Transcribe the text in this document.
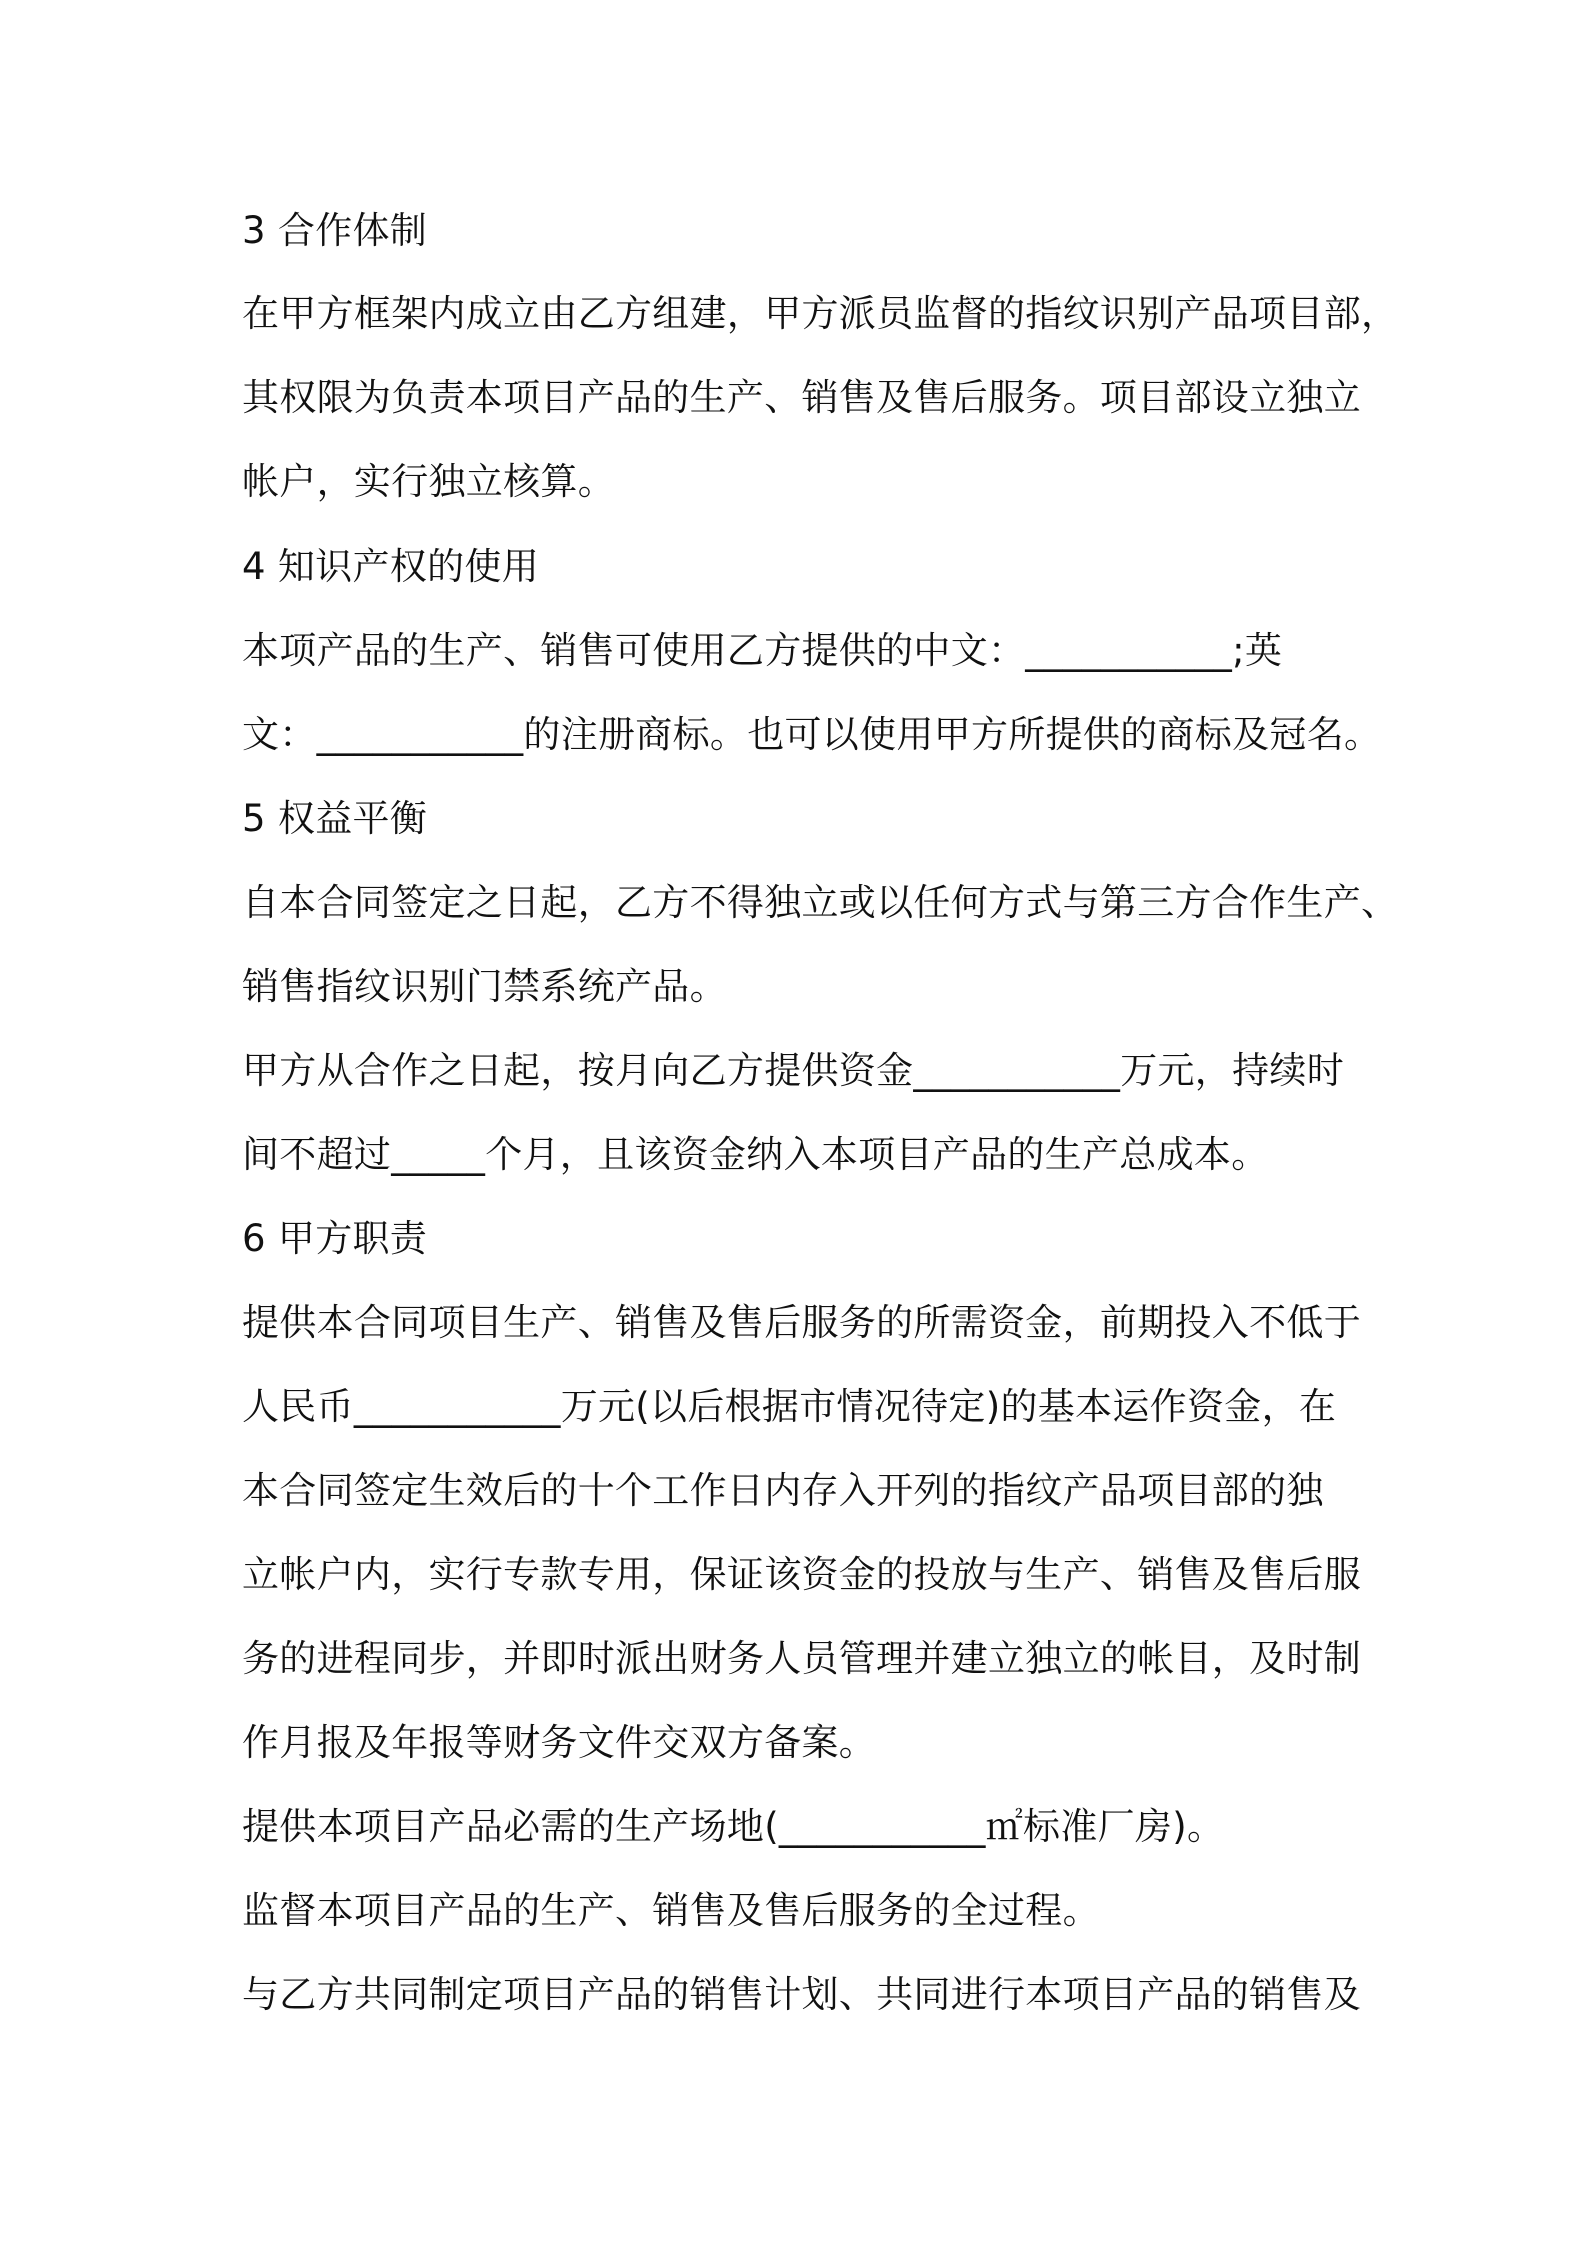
3 合作体制
在甲方框架内成立由乙方组建，甲方派员监督的指纹识别产品项目部，
其权限为负责本项目产品的生产、销售及售后服务。项目部设立独立
帐户，实行独立核算。
4 知识产权的使用
本项产品的生产、销售可使用乙方提供的中文：___________;英
文：___________的注册商标。也可以使用甲方所提供的商标及冠名。
5 权益平衡
自本合同签定之日起，乙方不得独立或以任何方式与第三方合作生产、
销售指纹识别门禁系统产品。
甲方从合作之日起，按月向乙方提供资金___________万元，持续时
间不超过_____个月，且该资金纳入本项目产品的生产总成本。
6 甲方职责
提供本合同项目生产、销售及售后服务的所需资金，前期投入不低于
人民币___________万元(以后根据市情况待定)的基本运作资金，在
本合同签定生效后的十个工作日内存入开列的指纹产品项目部的独
立帐户内，实行专款专用，保证该资金的投放与生产、销售及售后服
务的进程同步，并即时派出财务人员管理并建立独立的帐目，及时制
作月报及年报等财务文件交双方备案。
提供本项目产品必需的生产场地(___________㎡标准厂房)。
监督本项目产品的生产、销售及售后服务的全过程。
与乙方共同制定项目产品的销售计划、共同进行本项目产品的销售及
